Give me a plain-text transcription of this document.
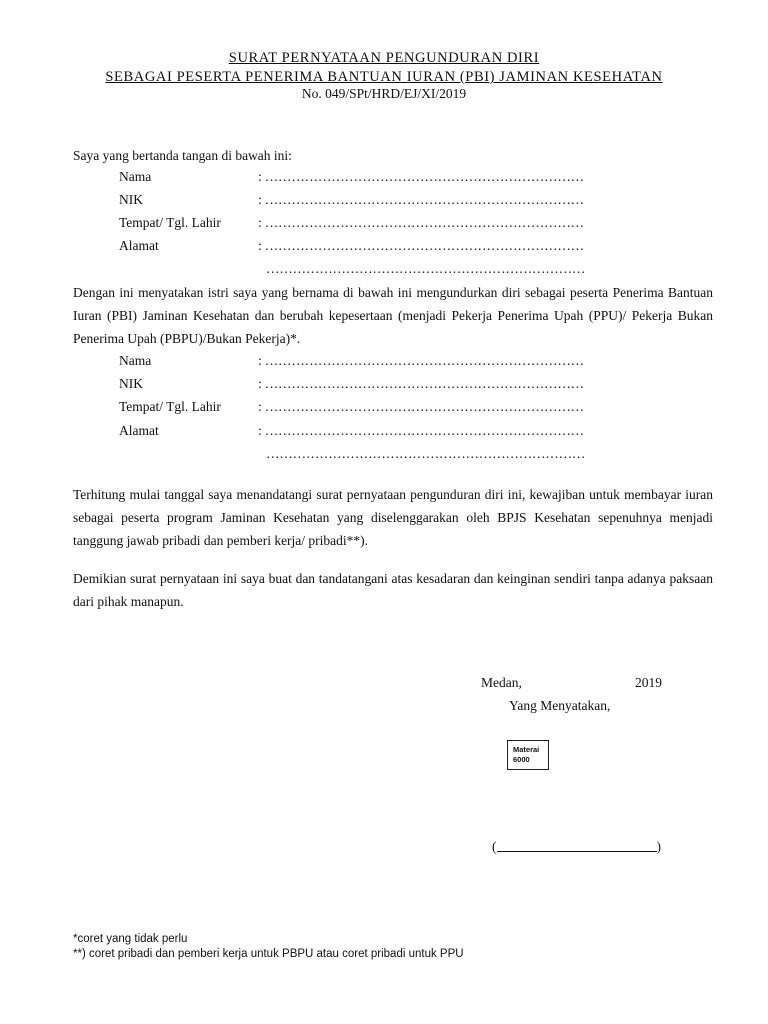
SURAT PERNYATAAN PENGUNDURAN DIRI
SEBAGAI PESERTA PENERIMA BANTUAN IURAN (PBI) JAMINAN KESEHATAN
No. 049/SPt/HRD/EJ/XI/2019

Saya yang bertanda tangan di bawah ini:

Nama	: ………………………………………………………………
NIK	: ………………………………………………………………
Tempat/ Tgl. Lahir	: ………………………………………………………………
Alamat	: ………………………………………………………………
………………………………………………………………

Dengan ini menyatakan istri saya yang bernama di bawah ini mengundurkan diri sebagai peserta Penerima Bantuan Iuran (PBI) Jaminan Kesehatan dan berubah kepesertaan (menjadi Pekerja Penerima Upah (PPU)/ Pekerja Bukan Penerima Upah (PBPU)/Bukan Pekerja)*.

Nama	: ………………………………………………………………
NIK	: ………………………………………………………………
Tempat/ Tgl. Lahir	: ………………………………………………………………
Alamat	: ………………………………………………………………
………………………………………………………………

Terhitung mulai tanggal saya menandatangi surat pernyataan pengunduran diri ini, kewajiban untuk membayar iuran sebagai peserta program Jaminan Kesehatan yang diselenggarakan oleh BPJS Kesehatan sepenuhnya menjadi tanggung jawab pribadi dan pemberi kerja/ pribadi**).

Demikian surat pernyataan ini saya buat dan tandatangani atas kesadaran dan keinginan sendiri tanpa adanya paksaan dari pihak manapun.

Medan,	2019
Yang Menyatakan,
Materai
6000
(	)
*coret yang tidak perlu
**) coret pribadi dan pemberi kerja untuk PBPU atau coret pribadi untuk PPU
